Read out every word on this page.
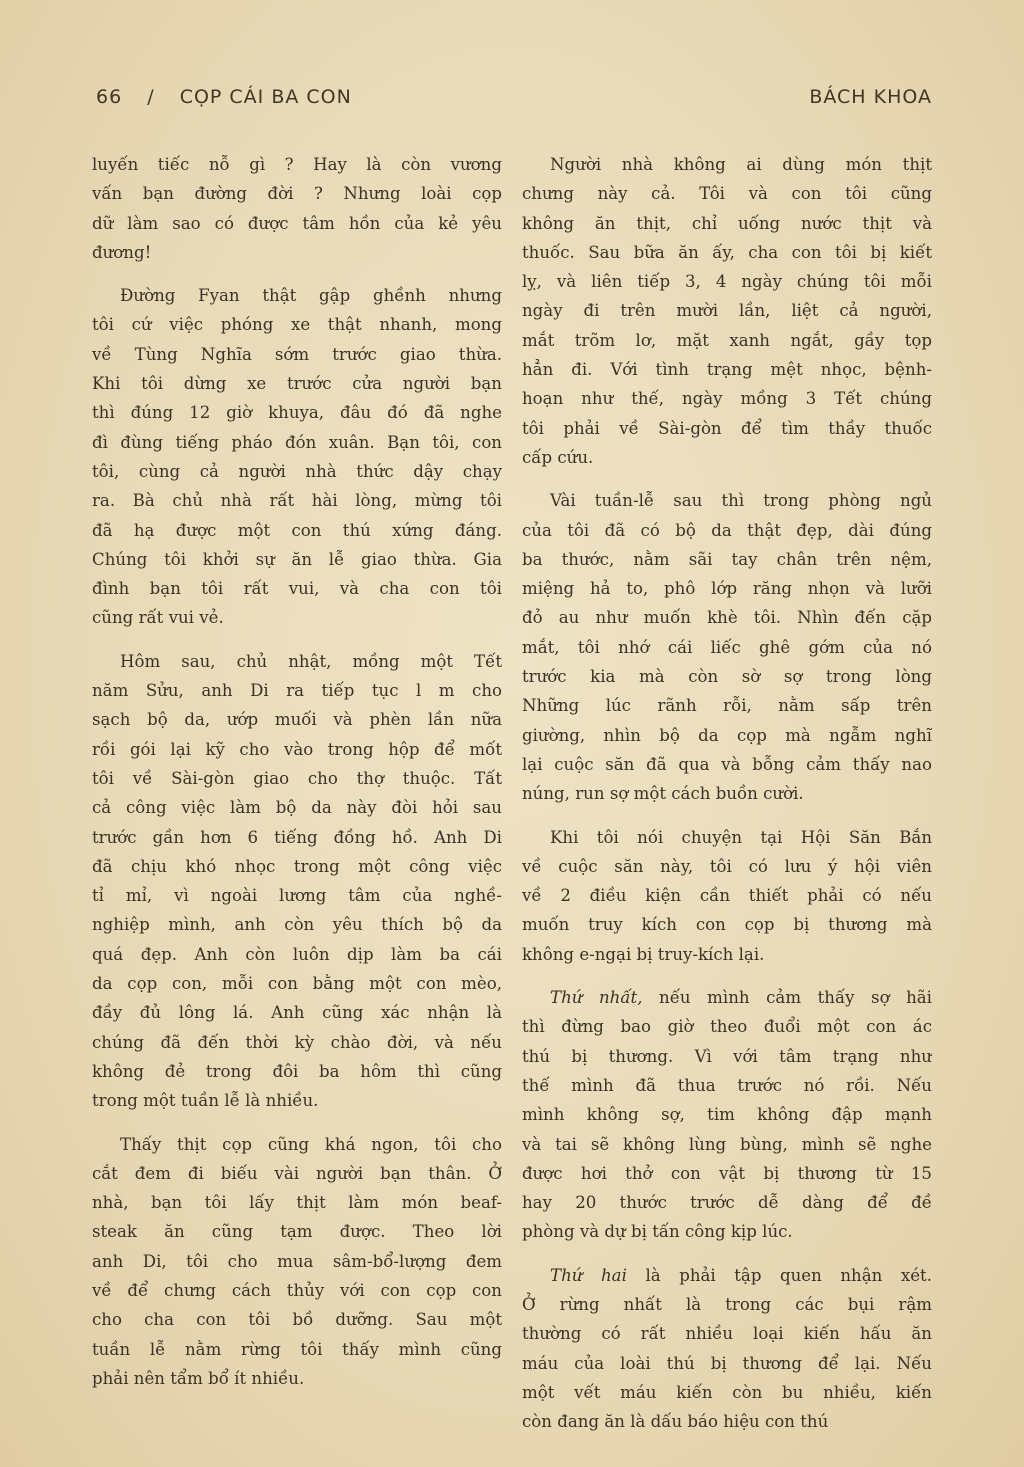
66 / CỌP CÁI BA CON	BÁCH KHOA

luyến tiếc nỗ gì ? Hay là còn vương
vấn bạn đường đời ? Nhưng loài cọp
dữ làm sao có được tâm hồn của kẻ yêu
đương!

Đường Fyan thật gập ghềnh nhưng
tôi cứ việc phóng xe thật nhanh, mong
về Tùng Nghĩa sớm trước giao thừa.
Khi tôi dừng xe trước cửa người bạn
thì đúng 12 giờ khuya, đâu đó đã nghe
đì đùng tiếng pháo đón xuân. Bạn tôi, con
tôi, cùng cả người nhà thức dậy chạy
ra. Bà chủ nhà rất hài lòng, mừng tôi
đã hạ được một con thú xứng đáng.
Chúng tôi khởi sự ăn lễ giao thừa. Gia
đình bạn tôi rất vui, và cha con tôi
cũng rất vui vẻ.

Hôm sau, chủ nhật, mồng một Tết
năm Sửu, anh Di ra tiếp tục l m cho
sạch bộ da, ướp muối và phèn lần nữa
rồi gói lại kỹ cho vào trong hộp để mốt
tôi về Sài-gòn giao cho thợ thuộc. Tất
cả công việc làm bộ da này đòi hỏi sau
trước gần hơn 6 tiếng đồng hồ. Anh Di
đã chịu khó nhọc trong một công việc
tỉ mỉ, vì ngoài lương tâm của nghề-
nghiệp mình, anh còn yêu thích bộ da
quá đẹp. Anh còn luôn dịp làm ba cái
da cọp con, mỗi con bằng một con mèo,
đầy đủ lông lá. Anh cũng xác nhận là
chúng đã đến thời kỳ chào đời, và nếu
không đẻ trong đôi ba hôm thì cũng
trong một tuần lễ là nhiều.

Thấy thịt cọp cũng khá ngon, tôi cho
cắt đem đi biếu vài người bạn thân. Ở
nhà, bạn tôi lấy thịt làm món beaf-
steak ăn cũng tạm được. Theo lời
anh Di, tôi cho mua sâm-bổ-lượng đem
về để chưng cách thủy với con cọp con
cho cha con tôi bồ dưỡng. Sau một
tuần lễ nằm rừng tôi thấy mình cũng
phải nên tẩm bổ ít nhiều.

Người nhà không ai dùng món thịt
chưng này cả. Tôi và con tôi cũng
không ăn thịt, chỉ uống nước thịt và
thuốc. Sau bữa ăn ấy, cha con tôi bị kiết
lỵ, và liên tiếp 3, 4 ngày chúng tôi mỗi
ngày đi trên mười lần, liệt cả người,
mắt trõm lơ, mặt xanh ngắt, gầy tọp
hẳn đi. Với tình trạng mệt nhọc, bệnh-
hoạn như thế, ngày mồng 3 Tết chúng
tôi phải về Sài-gòn để tìm thầy thuốc
cấp cứu.

Vài tuần-lễ sau thì trong phòng ngủ
của tôi đã có bộ da thật đẹp, dài đúng
ba thước, nằm sãi tay chân trên nệm,
miệng hả to, phô lớp răng nhọn và lưỡi
đỏ au như muốn khè tôi. Nhìn đến cặp
mắt, tôi nhớ cái liếc ghê gớm của nó
trước kia mà còn sờ sợ trong lòng
Những lúc rãnh rỗi, nằm sấp trên
giường, nhìn bộ da cọp mà ngẫm nghĩ
lại cuộc săn đã qua và bỗng cảm thấy nao
núng, run sợ một cách buồn cười.

Khi tôi nói chuyện tại Hội Săn Bắn
về cuộc săn này, tôi có lưu ý hội viên
về 2 điều kiện cần thiết phải có nếu
muốn truy kích con cọp bị thương mà
không e-ngại bị truy-kích lại.

Thứ nhất, nếu mình cảm thấy sợ hãi
thì đừng bao giờ theo đuổi một con ác
thú bị thương. Vì với tâm trạng như
thế mình đã thua trước nó rồi. Nếu
mình không sợ, tim không đập mạnh
và tai sẽ không lùng bùng, mình sẽ nghe
được hơi thở con vật bị thương từ 15
hay 20 thước trước dễ dàng để đề
phòng và dự bị tấn công kịp lúc.

Thứ hai là phải tập quen nhận xét.
Ở rừng nhất là trong các bụi rậm
thường có rất nhiều loại kiến hấu ăn
máu của loài thú bị thương để lại. Nếu
một vết máu kiến còn bu nhiều, kiến
còn đang ăn là dấu báo hiệu con thú
